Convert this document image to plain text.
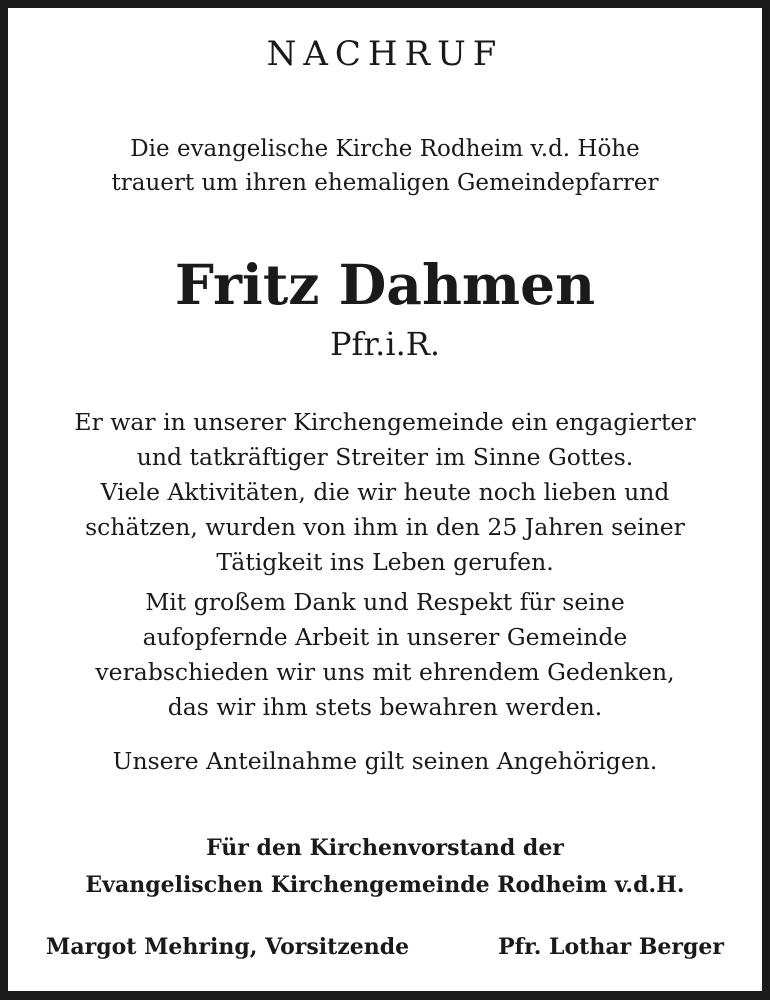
NACHRUF
Die evangelische Kirche Rodheim v.d. Höhe
trauert um ihren ehemaligen Gemeindepfarrer
Fritz Dahmen
Pfr.i.R.
Er war in unserer Kirchengemeinde ein engagierter
und tatkräftiger Streiter im Sinne Gottes.
Viele Aktivitäten, die wir heute noch lieben und
schätzen, wurden von ihm in den 25 Jahren seiner
Tätigkeit ins Leben gerufen.
Mit großem Dank und Respekt für seine
aufopfernde Arbeit in unserer Gemeinde
verabschieden wir uns mit ehrendem Gedenken,
das wir ihm stets bewahren werden.
Unsere Anteilnahme gilt seinen Angehörigen.
Für den Kirchenvorstand der
Evangelischen Kirchengemeinde Rodheim v.d.H.
Margot Mehring, Vorsitzende	Pfr. Lothar Berger
